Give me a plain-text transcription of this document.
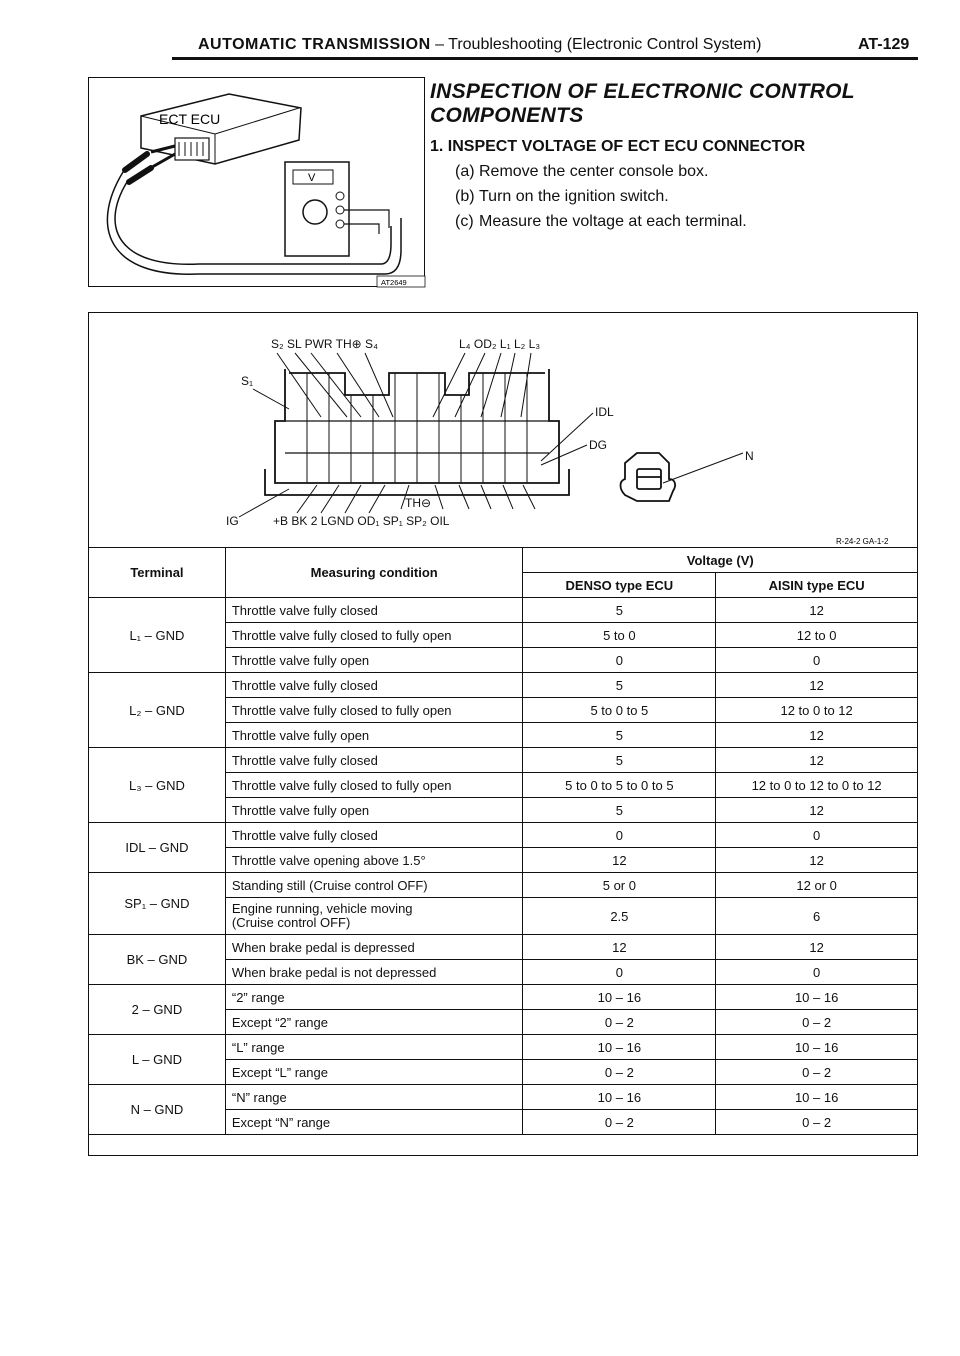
AUTOMATIC TRANSMISSION – Troubleshooting (Electronic Control System)	AT-129
ECT ECU
V
AT2649
INSPECTION OF ELECTRONIC CONTROL
COMPONENTS
1. INSPECT VOLTAGE OF ECT ECU CONNECTOR
(a) Remove the center console box.
(b) Turn on the ignition switch.
(c) Measure the voltage at each terminal.
S₂ SL PWR TH⊕ S₄	L₄ OD₂ L₁ L₂ L₃
S₁
IDL
DG
N
IG
TH⊖
+B BK 2 LGND OD₁ SP₁ SP₂ OIL
R-24-2 GA-1-2
Terminal	Measuring condition	Voltage (V)	
		DENSO type ECU	AISIN type ECU
L₁ – GND	Throttle valve fully closed	5	12
	Throttle valve fully closed to fully open	5 to 0	12 to 0
	Throttle valve fully open	0	0
L₂ – GND	Throttle valve fully closed	5	12
	Throttle valve fully closed to fully open	5 to 0 to 5	12 to 0 to 12
	Throttle valve fully open	5	12
L₃ – GND	Throttle valve fully closed	5	12
	Throttle valve fully closed to fully open	5 to 0 to 5 to 0 to 5	12 to 0 to 12 to 0 to 12
	Throttle valve fully open	5	12
IDL – GND	Throttle valve fully closed	0	0
	Throttle valve opening above 1.5°	12	12
SP₁ – GND	Standing still (Cruise control OFF)	5 or 0	12 or 0
	Engine running, vehicle moving
(Cruise control OFF)	2.5	6
BK – GND	When brake pedal is depressed	12	12
	When brake pedal is not depressed	0	0
2 – GND	“2” range	10 – 16	10 – 16
	Except “2” range	0 – 2	0 – 2
L – GND	“L” range	10 – 16	10 – 16
	Except “L” range	0 – 2	0 – 2
N – GND	“N” range	10 – 16	10 – 16
	Except “N” range	0 – 2	0 – 2
